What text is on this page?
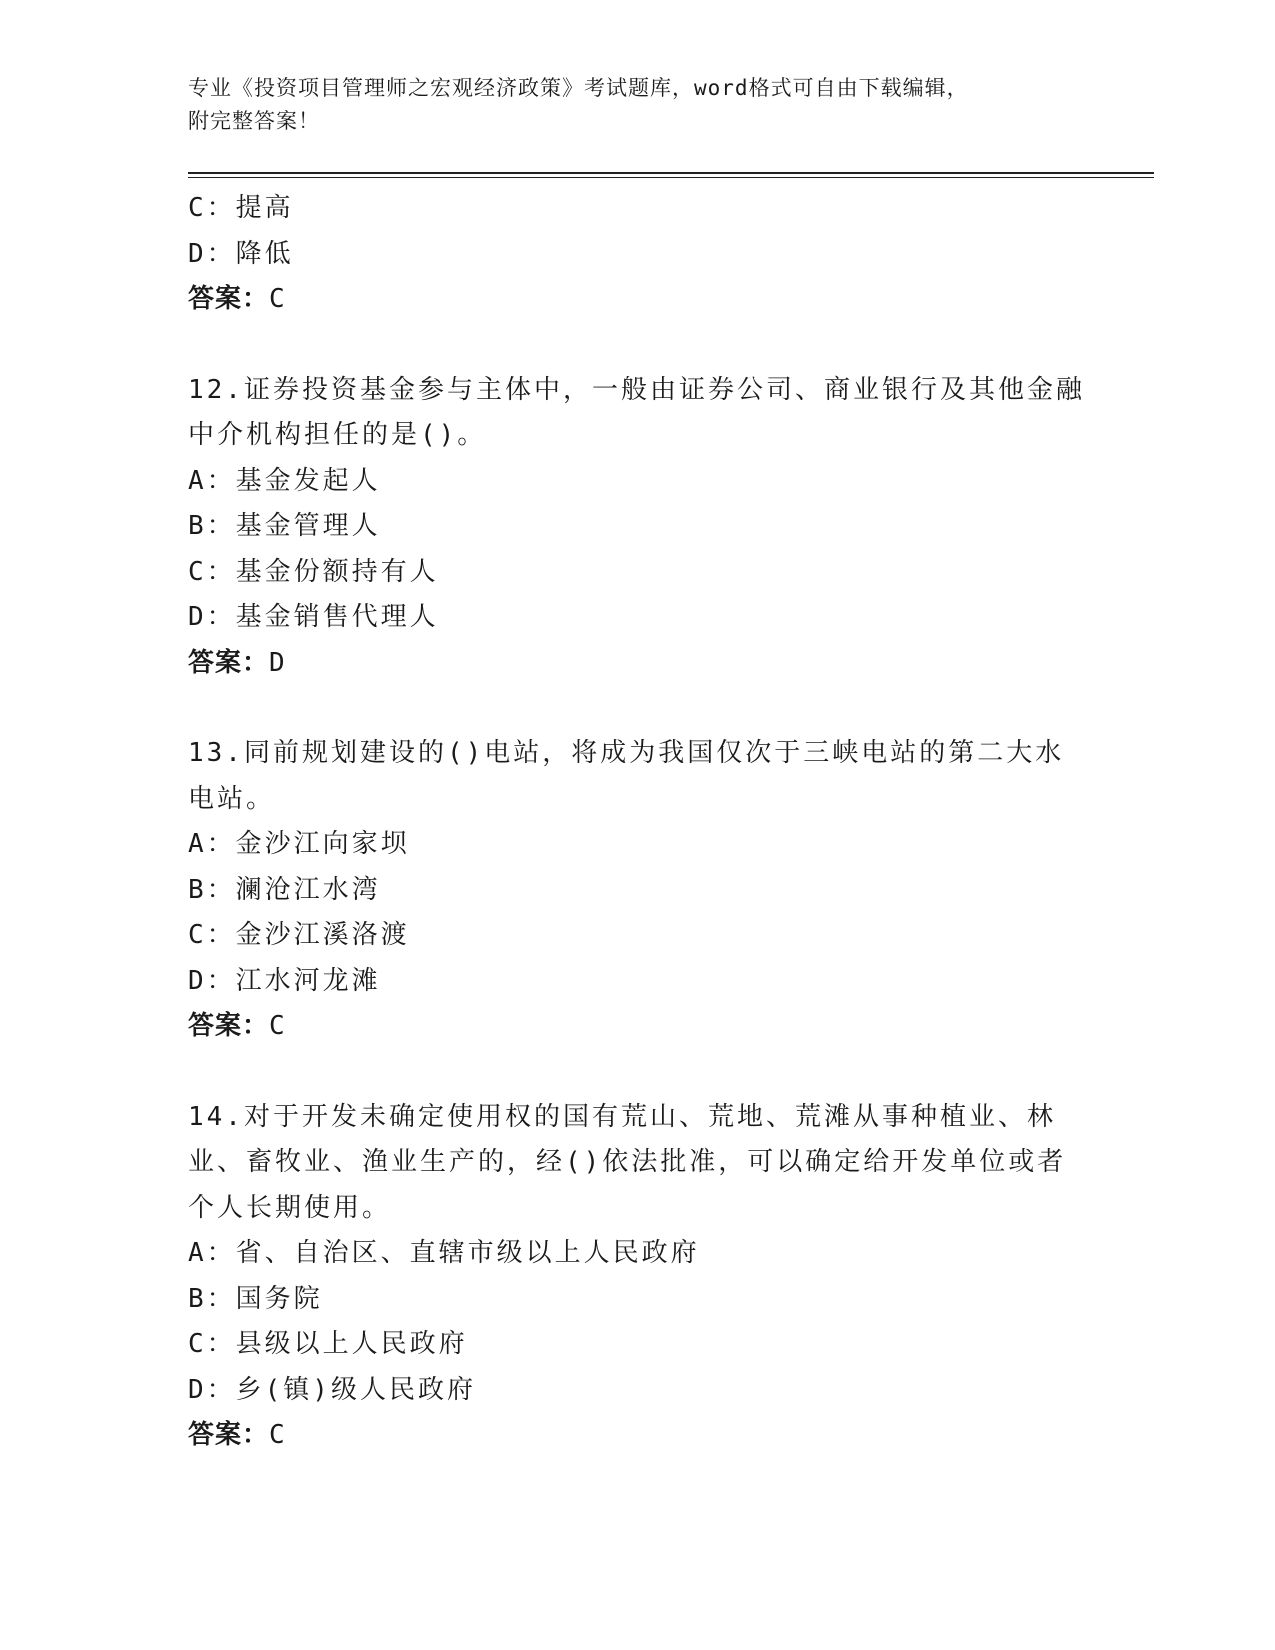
专业《投资项目管理师之宏观经济政策》考试题库，word格式可自由下载编辑，

附完整答案！

C：提高
D：降低
答案：C
12.证券投资基金参与主体中，一般由证券公司、商业银行及其他金融中介机构担任的是()。
A：基金发起人
B：基金管理人
C：基金份额持有人
D：基金销售代理人
答案：D
13.同前规划建设的()电站，将成为我国仅次于三峡电站的第二大水电站。
A：金沙江向家坝
B：澜沧江水湾
C：金沙江溪洛渡
D：江水河龙滩
答案：C
14.对于开发未确定使用权的国有荒山、荒地、荒滩从事种植业、林业、畜牧业、渔业生产的，经()依法批准，可以确定给开发单位或者个人长期使用。
A：省、自治区、直辖市级以上人民政府
B：国务院
C：县级以上人民政府
D：乡(镇)级人民政府
答案：C
